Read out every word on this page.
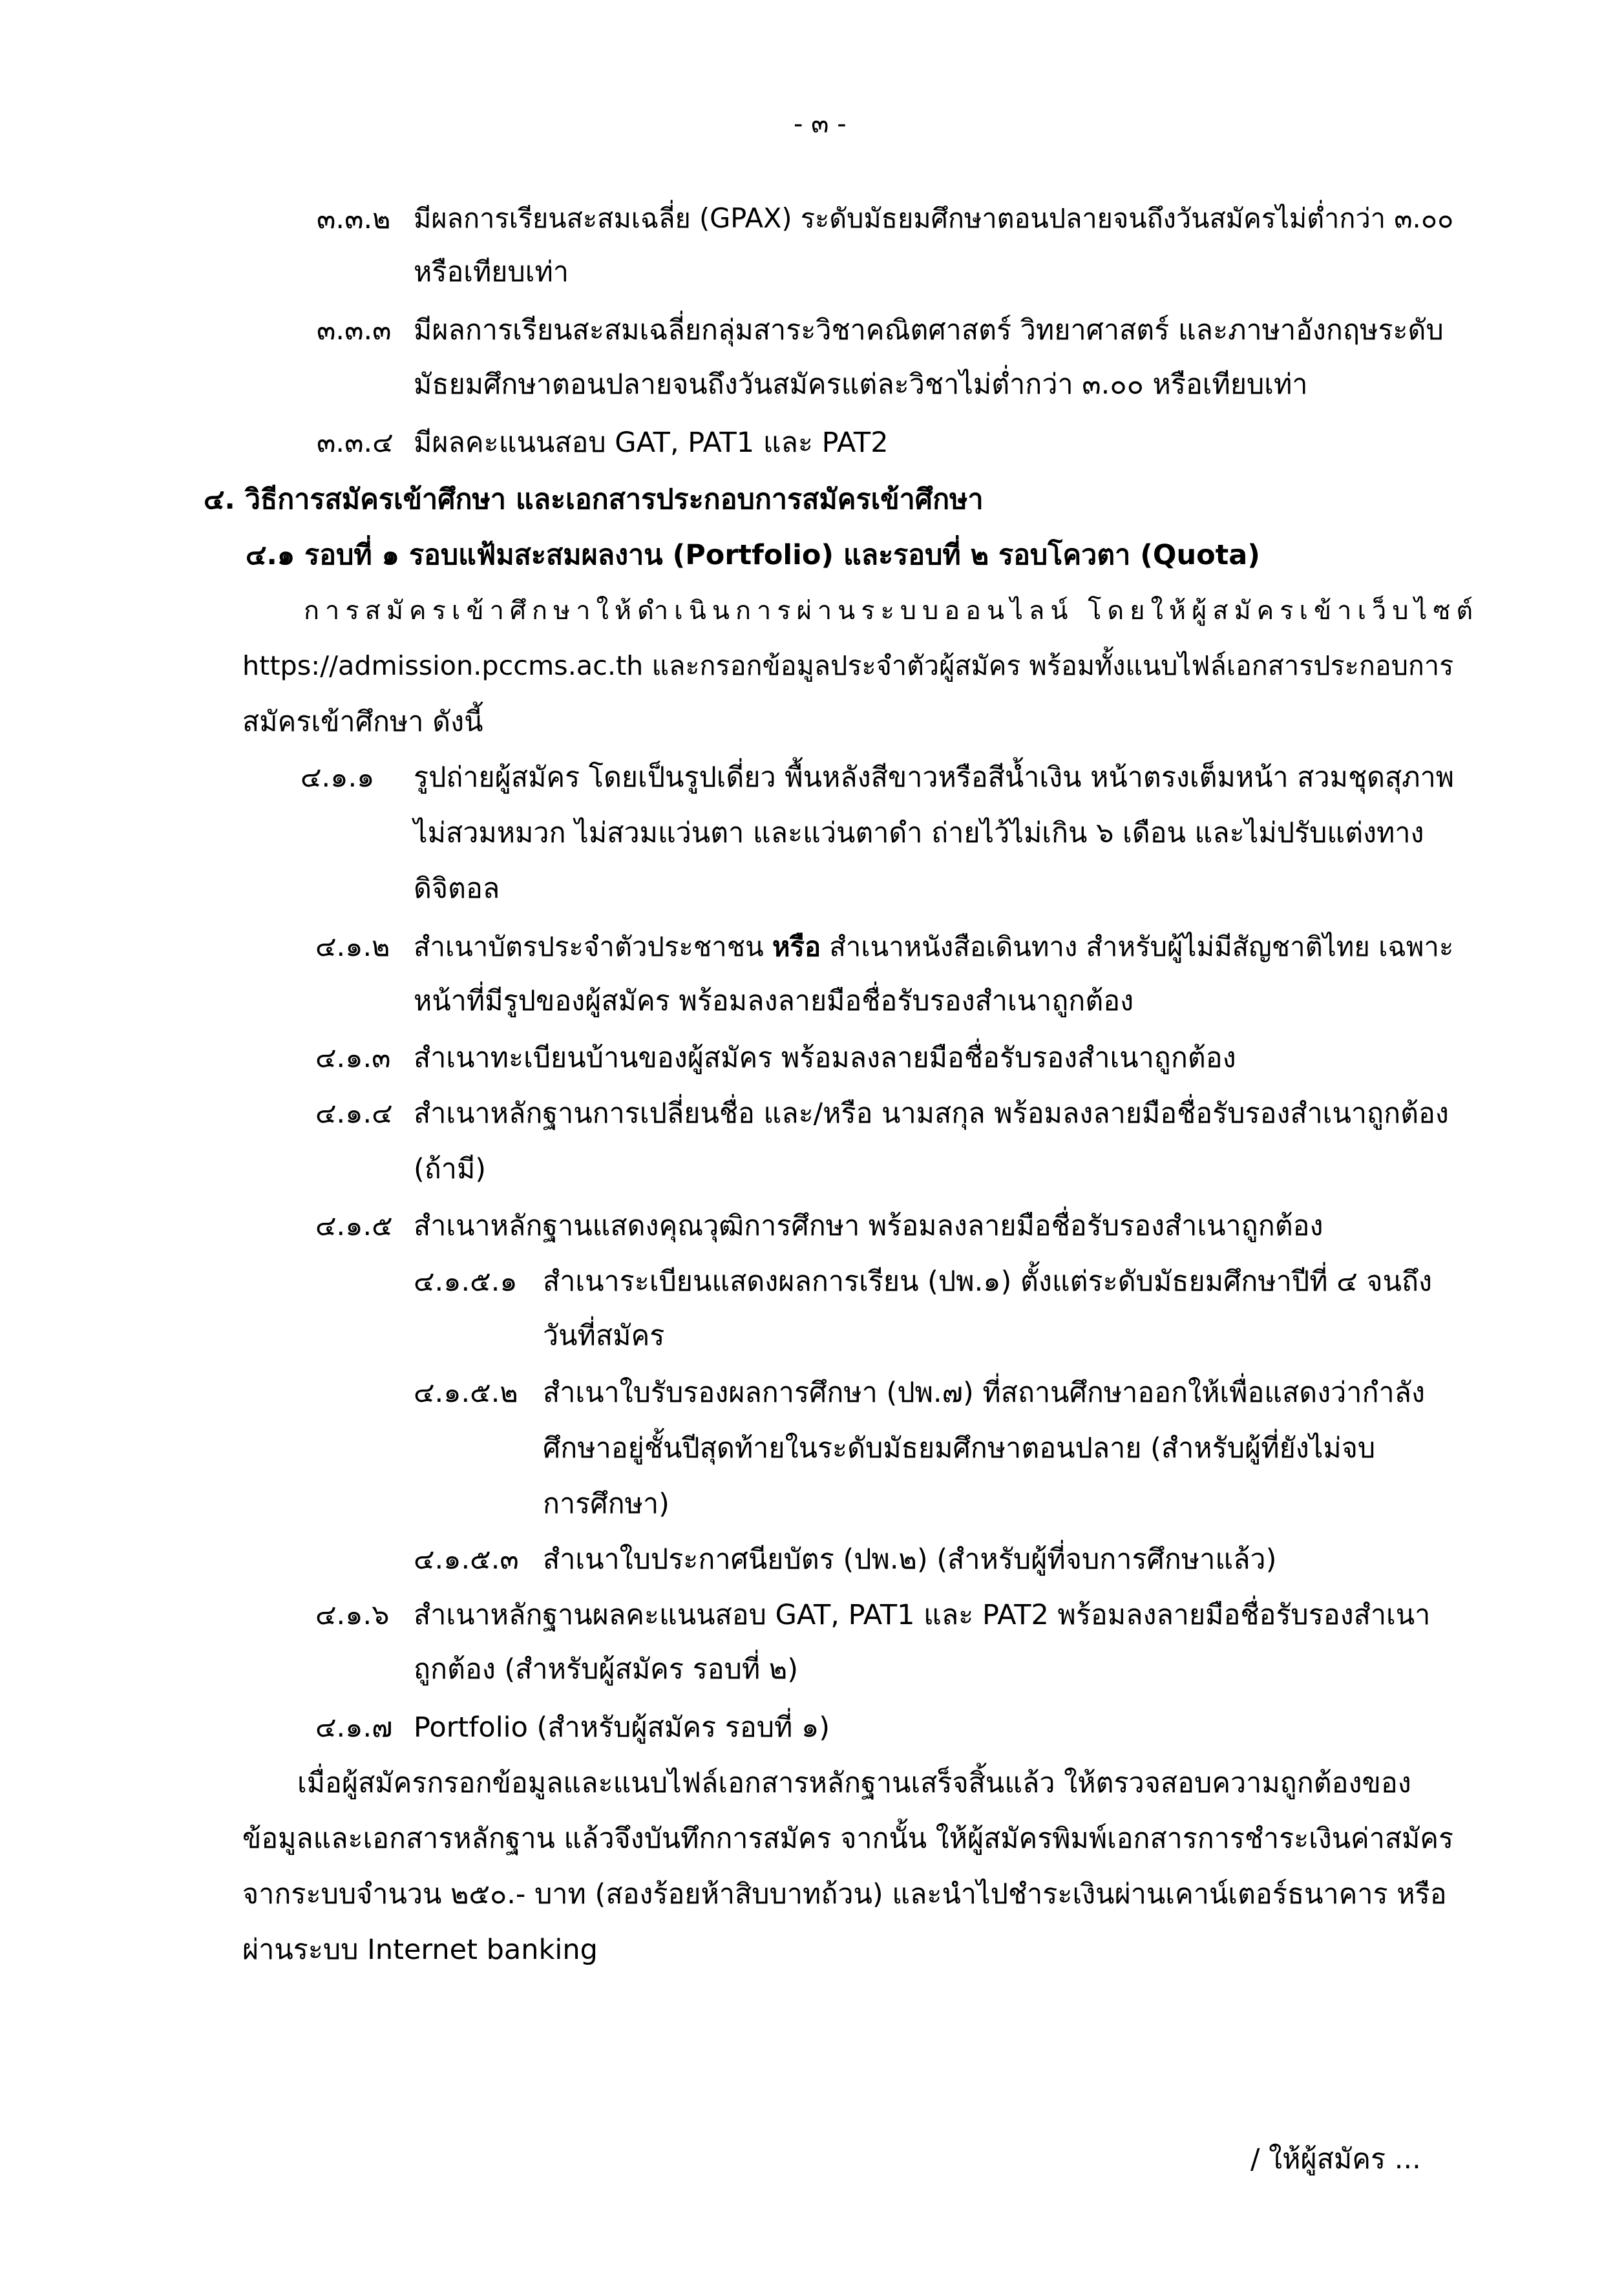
- ๓ -
๓.๓.๒ มีผลการเรียนสะสมเฉลี่ย (GPAX) ระดับมัธยมศึกษาตอนปลายจนถึงวันสมัครไม่ต่ำกว่า ๓.๐๐
หรือเทียบเท่า
๓.๓.๓ มีผลการเรียนสะสมเฉลี่ยกลุ่มสาระวิชาคณิตศาสตร์ วิทยาศาสตร์ และภาษาอังกฤษระดับ
มัธยมศึกษาตอนปลายจนถึงวันสมัครแต่ละวิชาไม่ต่ำกว่า ๓.๐๐ หรือเทียบเท่า
๓.๓.๔ มีผลคะแนนสอบ GAT, PAT1 และ PAT2
๔. วิธีการสมัครเข้าศึกษา และเอกสารประกอบการสมัครเข้าศึกษา
๔.๑ รอบที่ ๑ รอบแฟ้มสะสมผลงาน (Portfolio) และรอบที่ ๒ รอบโควตา (Quota)
การสมัครเข้าศึกษาให้ดำเนินการผ่านระบบออนไลน์ โดยให้ผู้สมัครเข้าเว็บไซต์
https://admission.pccms.ac.th และกรอกข้อมูลประจำตัวผู้สมัคร พร้อมทั้งแนบไฟล์เอกสารประกอบการ
สมัครเข้าศึกษา ดังนี้
๔.๑.๑ รูปถ่ายผู้สมัคร โดยเป็นรูปเดี่ยว พื้นหลังสีขาวหรือสีน้ำเงิน หน้าตรงเต็มหน้า สวมชุดสุภาพ
ไม่สวมหมวก ไม่สวมแว่นตา และแว่นตาดำ ถ่ายไว้ไม่เกิน ๖ เดือน และไม่ปรับแต่งทาง
ดิจิตอล
๔.๑.๒ สำเนาบัตรประจำตัวประชาชน หรือ สำเนาหนังสือเดินทาง สำหรับผู้ไม่มีสัญชาติไทย เฉพาะ
หน้าที่มีรูปของผู้สมัคร พร้อมลงลายมือชื่อรับรองสำเนาถูกต้อง
๔.๑.๓ สำเนาทะเบียนบ้านของผู้สมัคร พร้อมลงลายมือชื่อรับรองสำเนาถูกต้อง
๔.๑.๔ สำเนาหลักฐานการเปลี่ยนชื่อ และ/หรือ นามสกุล พร้อมลงลายมือชื่อรับรองสำเนาถูกต้อง
(ถ้ามี)
๔.๑.๕ สำเนาหลักฐานแสดงคุณวุฒิการศึกษา พร้อมลงลายมือชื่อรับรองสำเนาถูกต้อง
๔.๑.๕.๑ สำเนาระเบียนแสดงผลการเรียน (ปพ.๑) ตั้งแต่ระดับมัธยมศึกษาปีที่ ๔ จนถึง
วันที่สมัคร
๔.๑.๕.๒ สำเนาใบรับรองผลการศึกษา (ปพ.๗) ที่สถานศึกษาออกให้เพื่อแสดงว่ากำลัง
ศึกษาอยู่ชั้นปีสุดท้ายในระดับมัธยมศึกษาตอนปลาย (สำหรับผู้ที่ยังไม่จบ
การศึกษา)
๔.๑.๕.๓ สำเนาใบประกาศนียบัตร (ปพ.๒) (สำหรับผู้ที่จบการศึกษาแล้ว)
๔.๑.๖ สำเนาหลักฐานผลคะแนนสอบ GAT, PAT1 และ PAT2 พร้อมลงลายมือชื่อรับรองสำเนา
ถูกต้อง (สำหรับผู้สมัคร รอบที่ ๒)
๔.๑.๗ Portfolio (สำหรับผู้สมัคร รอบที่ ๑)
เมื่อผู้สมัครกรอกข้อมูลและแนบไฟล์เอกสารหลักฐานเสร็จสิ้นแล้ว ให้ตรวจสอบความถูกต้องของ
ข้อมูลและเอกสารหลักฐาน แล้วจึงบันทึกการสมัคร จากนั้น ให้ผู้สมัครพิมพ์เอกสารการชำระเงินค่าสมัคร
จากระบบจำนวน ๒๕๐.- บาท (สองร้อยห้าสิบบาทถ้วน) และนำไปชำระเงินผ่านเคาน์เตอร์ธนาคาร หรือ
ผ่านระบบ Internet banking
/ ให้ผู้สมัคร ...
